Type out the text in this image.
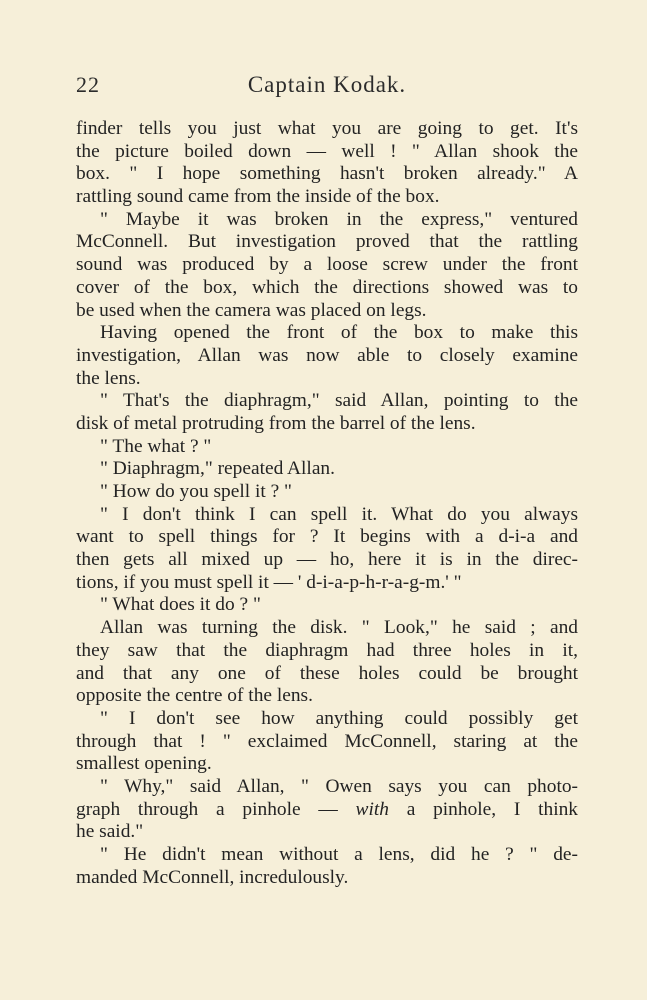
22	Captain Kodak.
finder tells you just what you are going to get. It's
the picture boiled down — well ! " Allan shook the
box. " I hope something hasn't broken already." A
rattling sound came from the inside of the box.
" Maybe it was broken in the express," ventured
McConnell. But investigation proved that the rattling
sound was produced by a loose screw under the front
cover of the box, which the directions showed was to
be used when the camera was placed on legs.
Having opened the front of the box to make this
investigation, Allan was now able to closely examine
the lens.
" That's the diaphragm," said Allan, pointing to the
disk of metal protruding from the barrel of the lens.
" The what ? "
" Diaphragm," repeated Allan.
" How do you spell it ? "
" I don't think I can spell it. What do you always
want to spell things for ? It begins with a d-i-a and
then gets all mixed up — ho, here it is in the direc-
tions, if you must spell it — ' d-i-a-p-h-r-a-g-m.' "
" What does it do ? "
Allan was turning the disk. " Look," he said ; and
they saw that the diaphragm had three holes in it,
and that any one of these holes could be brought
opposite the centre of the lens.
" I don't see how anything could possibly get
through that ! " exclaimed McConnell, staring at the
smallest opening.
" Why," said Allan, " Owen says you can photo-
graph through a pinhole — with a pinhole, I think
he said."
" He didn't mean without a lens, did he ? " de-
manded McConnell, incredulously.
